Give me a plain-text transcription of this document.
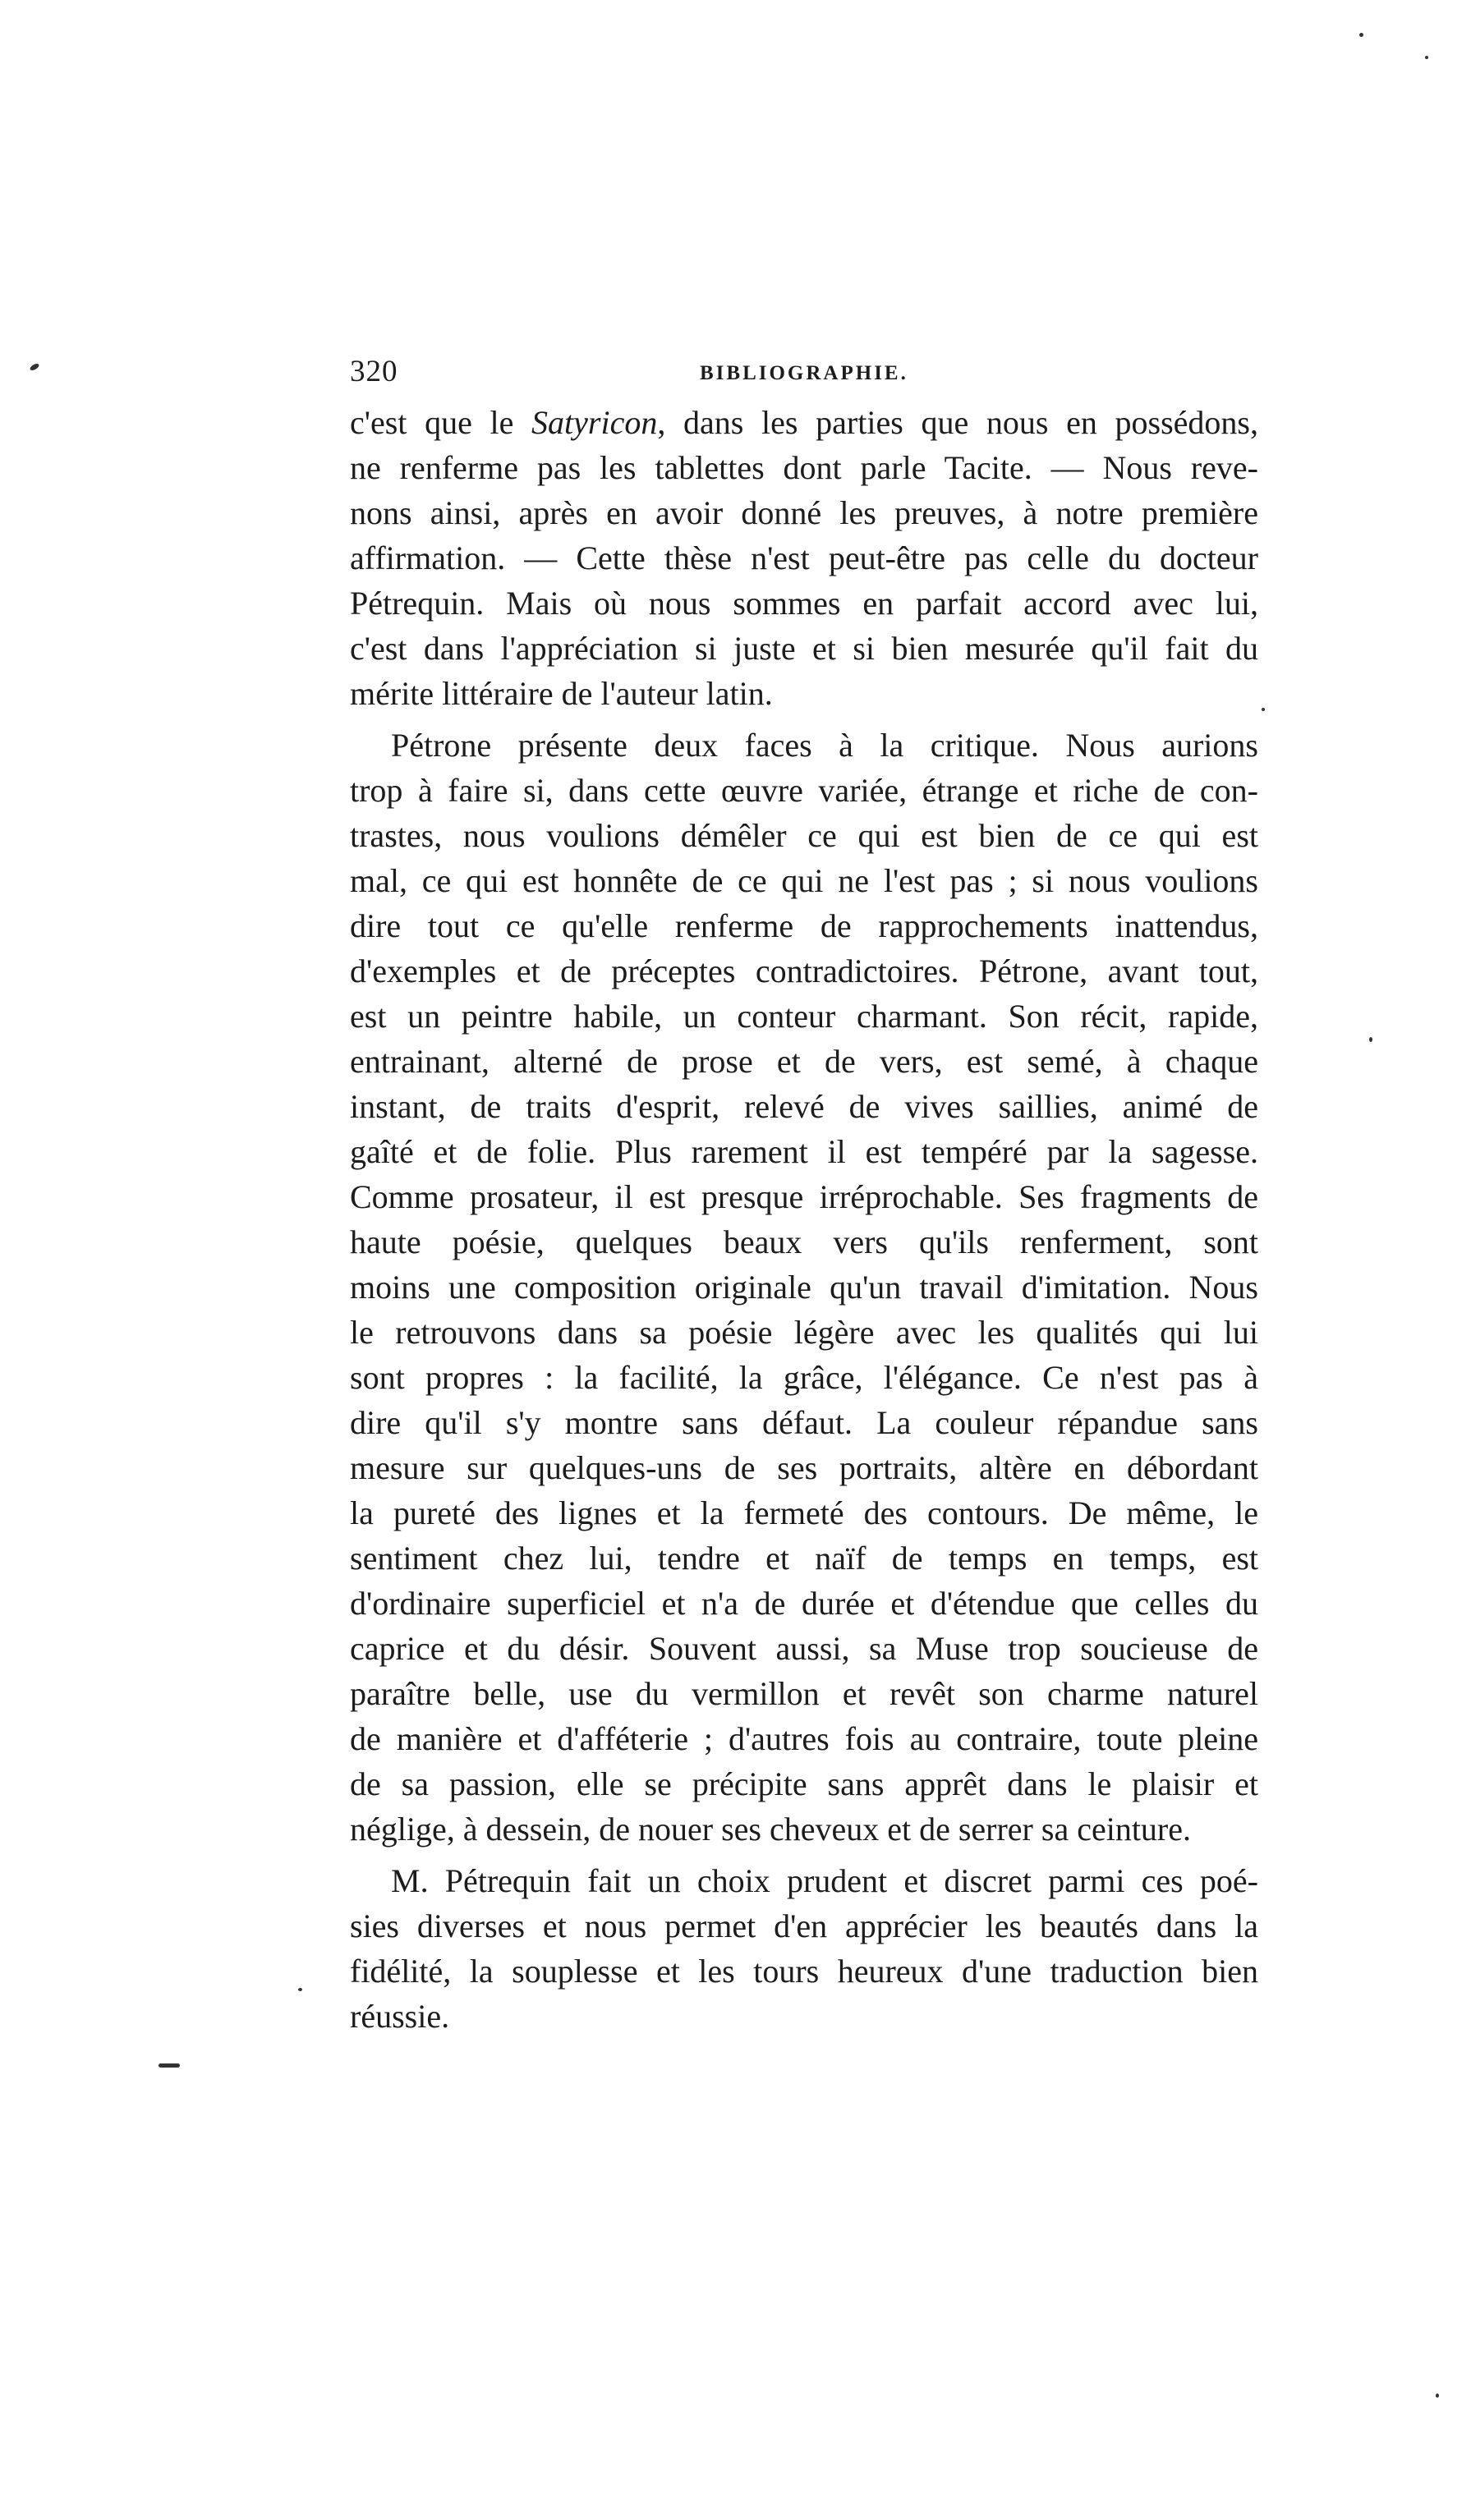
320	BIBLIOGRAPHIE.
c'est que le Satyricon, dans les parties que nous en possédons,
ne renferme pas les tablettes dont parle Tacite. — Nous reve-
nons ainsi, après en avoir donné les preuves, à notre première
affirmation. — Cette thèse n'est peut-être pas celle du docteur
Pétrequin. Mais où nous sommes en parfait accord avec lui,
c'est dans l'appréciation si juste et si bien mesurée qu'il fait du
mérite littéraire de l'auteur latin.
Pétrone présente deux faces à la critique. Nous aurions
trop à faire si, dans cette œuvre variée, étrange et riche de con-
trastes, nous voulions démêler ce qui est bien de ce qui est
mal, ce qui est honnête de ce qui ne l'est pas ; si nous voulions
dire tout ce qu'elle renferme de rapprochements inattendus,
d'exemples et de préceptes contradictoires. Pétrone, avant tout,
est un peintre habile, un conteur charmant. Son récit, rapide,
entrainant, alterné de prose et de vers, est semé, à chaque
instant, de traits d'esprit, relevé de vives saillies, animé de
gaîté et de folie. Plus rarement il est tempéré par la sagesse.
Comme prosateur, il est presque irréprochable. Ses fragments de
haute poésie, quelques beaux vers qu'ils renferment, sont
moins une composition originale qu'un travail d'imitation. Nous
le retrouvons dans sa poésie légère avec les qualités qui lui
sont propres : la facilité, la grâce, l'élégance. Ce n'est pas à
dire qu'il s'y montre sans défaut. La couleur répandue sans
mesure sur quelques-uns de ses portraits, altère en débordant
la pureté des lignes et la fermeté des contours. De même, le
sentiment chez lui, tendre et naïf de temps en temps, est
d'ordinaire superficiel et n'a de durée et d'étendue que celles du
caprice et du désir. Souvent aussi, sa Muse trop soucieuse de
paraître belle, use du vermillon et revêt son charme naturel
de manière et d'afféterie ; d'autres fois au contraire, toute pleine
de sa passion, elle se précipite sans apprêt dans le plaisir et
néglige, à dessein, de nouer ses cheveux et de serrer sa ceinture.
M. Pétrequin fait un choix prudent et discret parmi ces poé-
sies diverses et nous permet d'en apprécier les beautés dans la
fidélité, la souplesse et les tours heureux d'une traduction bien
réussie.
